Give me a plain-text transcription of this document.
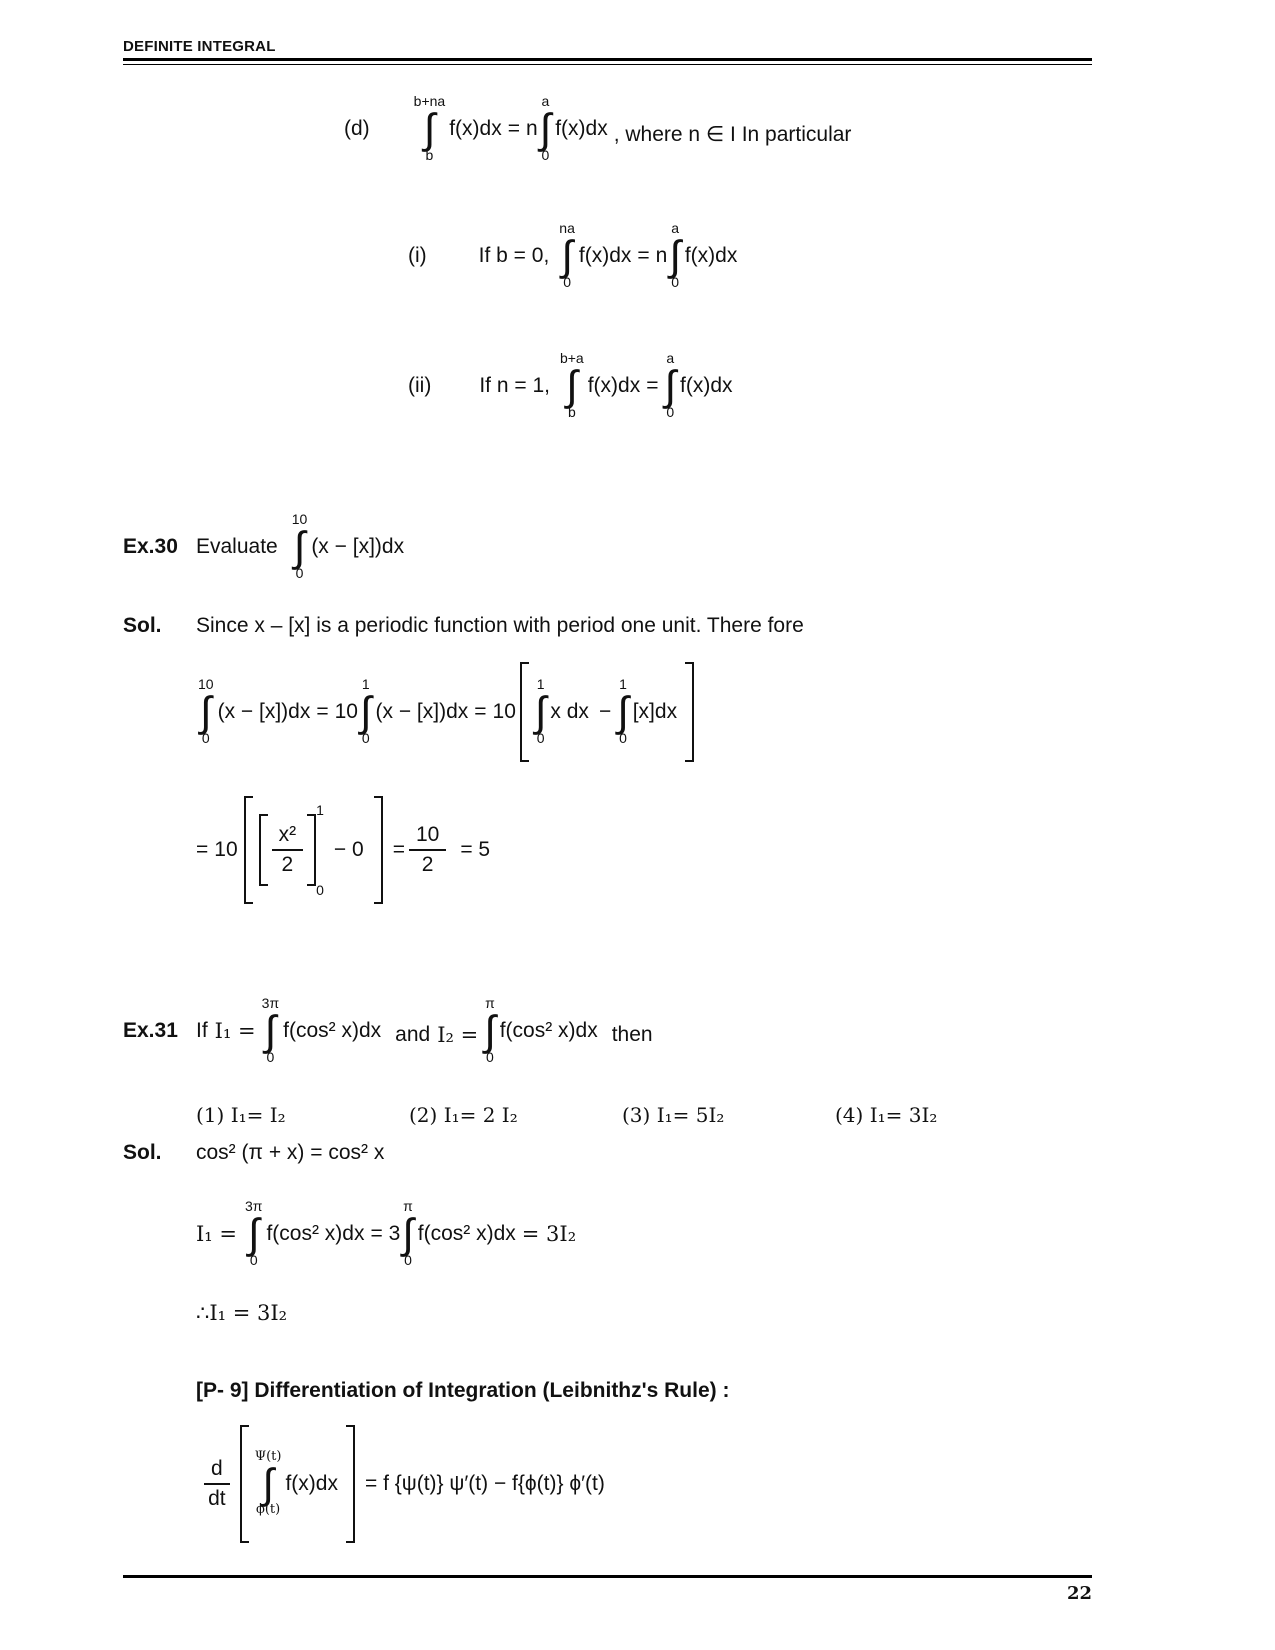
DEFINITE INTEGRAL
(d)
b+na
∫
b
f(x)dx = n
a
∫
0
f(x)dx , where n ∈ I In particular
(i) If b = 0,
na
∫
0
f(x)dx = n
a
∫
0
f(x)dx
(ii) If n = 1,
b+a
∫
b
f(x)dx =
a
∫
0
f(x)dx
Ex.30 Evaluate
10
∫
0
(x − [x])dx
Sol.	Since x – [x] is a periodic function with period one unit. There fore
10
∫
0
(x − [x])dx = 10
1
∫
0
(x − [x])dx = 10
1
∫
0
x dx −
1
∫
0
[x]dx
= $10 \frac{\text{x²}}{2}$
1
0
− $0 = \frac{10}{2} = 5$
Ex.31 If I₁ =
3π
∫
0
f(cos² x)dx and I₂ =
π
∫
0
f(cos² x)dx then
(1) I₁= I₂	(2) I₁= 2 I₂	(3) I₁= 5I₂	(4) I₁= 3I₂
Sol.	cos² (π + x) = cos² x
I₁ =
3π
∫
0
f(cos² x)dx = 3
π
∫
0
f(cos² x)dx = 3I₂
∴I₁ = 3I₂
[P- 9] Differentiation of Integration (Leibnithz's Rule) :
$\frac{d}{dt} \Psi(t)$
∫
ϕ(t)
f(x)dx = f {ψ(t)} ψ′(t) − f{ϕ(t)} ϕ′(t)
22
